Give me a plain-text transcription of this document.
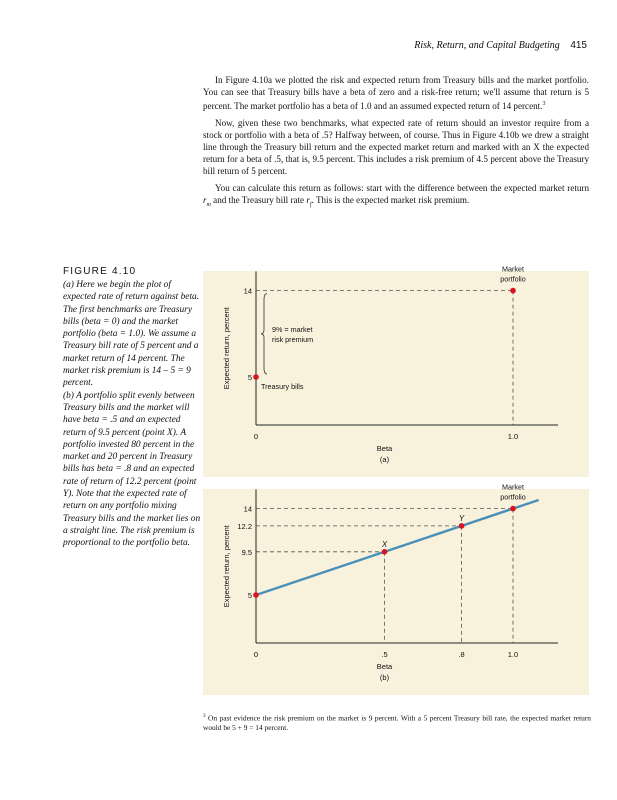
Risk, Return, and Capital Budgeting 415

In Figure 4.10a we plotted the risk and expected return from Treasury bills and the market portfolio. You can see that Treasury bills have a beta of zero and a risk-free return; we'll assume that return is 5 percent. The market portfolio has a beta of 1.0 and an assumed expected return of 14 percent.$^3$

Now, given these two benchmarks, what expected rate of return should an investor require from a stock or portfolio with a beta of .5? Halfway between, of course. Thus in Figure 4.10b we drew a straight line through the Treasury bill return and the expected market return and marked with an X the expected return for a beta of .5, that is, 9.5 percent. This includes a risk premium of 4.5 percent above the Treasury bill return of 5 percent.

You can calculate this return as follows: start with the difference between the expected market return $r_m$ and the Treasury bill rate $r_f$. This is the expected market risk premium.

FIGURE 4.10

(a) Here we begin the plot of expected rate of return against beta. The first benchmarks are Treasury bills (beta = 0) and the market portfolio (beta = 1.0). We assume a Treasury bill rate of 5 percent and a market return of 14 percent. The market risk premium is 14 – 5 = 9 percent.

(b) A portfolio split evenly between Treasury bills and the market will have beta = .5 and an expected return of 9.5 percent (point X). A portfolio invested 80 percent in the market and 20 percent in Treasury bills has beta = .8 and an expected rate of return of 12.2 percent (point Y). Note that the expected rate of return on any portfolio mixing Treasury bills and the market lies on a straight line. The risk premium is proportional to the portfolio beta.

5
14
0	1.0
Beta
(a)
Expected return, percent	9% = market
risk premium
Treasury bills
Market
portfolio
5
9.5
12.2
14
0	.5	.8	1.0
Beta
(b)
Expected return, percent	X
Y
Market
portfolio
$^3$ On past evidence the risk premium on the market is 9 percent. With a 5 percent Treasury bill rate, the expected market return would be 5 + 9 = 14 percent.
